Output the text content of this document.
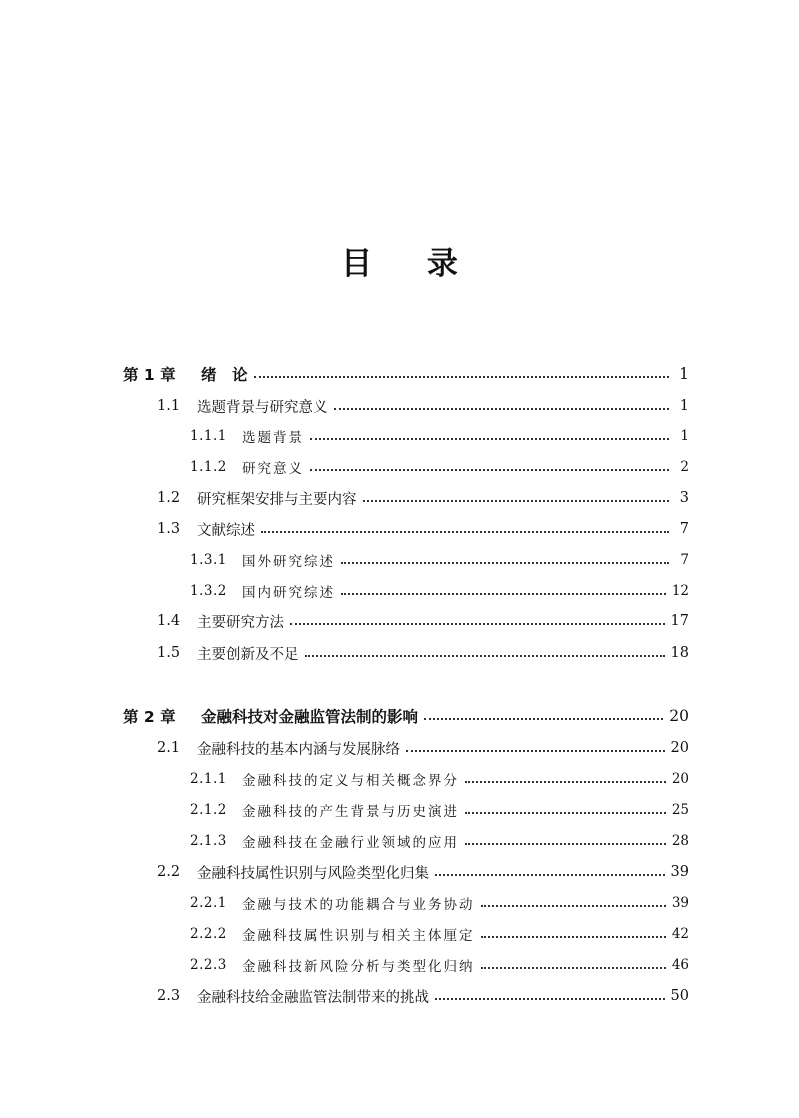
目 录
第 1 章	绪　论	1
1.1	选题背景与研究意义	1
1.1.1	选题背景	1
1.1.2	研究意义	2
1.2	研究框架安排与主要内容	3
1.3	文献综述	7
1.3.1	国外研究综述	7
1.3.2	国内研究综述	12
1.4	主要研究方法	17
1.5	主要创新及不足	18
第 2 章	金融科技对金融监管法制的影响	20
2.1	金融科技的基本内涵与发展脉络	20
2.1.1	金融科技的定义与相关概念界分	20
2.1.2	金融科技的产生背景与历史演进	25
2.1.3	金融科技在金融行业领域的应用	28
2.2	金融科技属性识别与风险类型化归集	39
2.2.1	金融与技术的功能耦合与业务协动	39
2.2.2	金融科技属性识别与相关主体厘定	42
2.2.3	金融科技新风险分析与类型化归纳	46
2.3	金融科技给金融监管法制带来的挑战	50
